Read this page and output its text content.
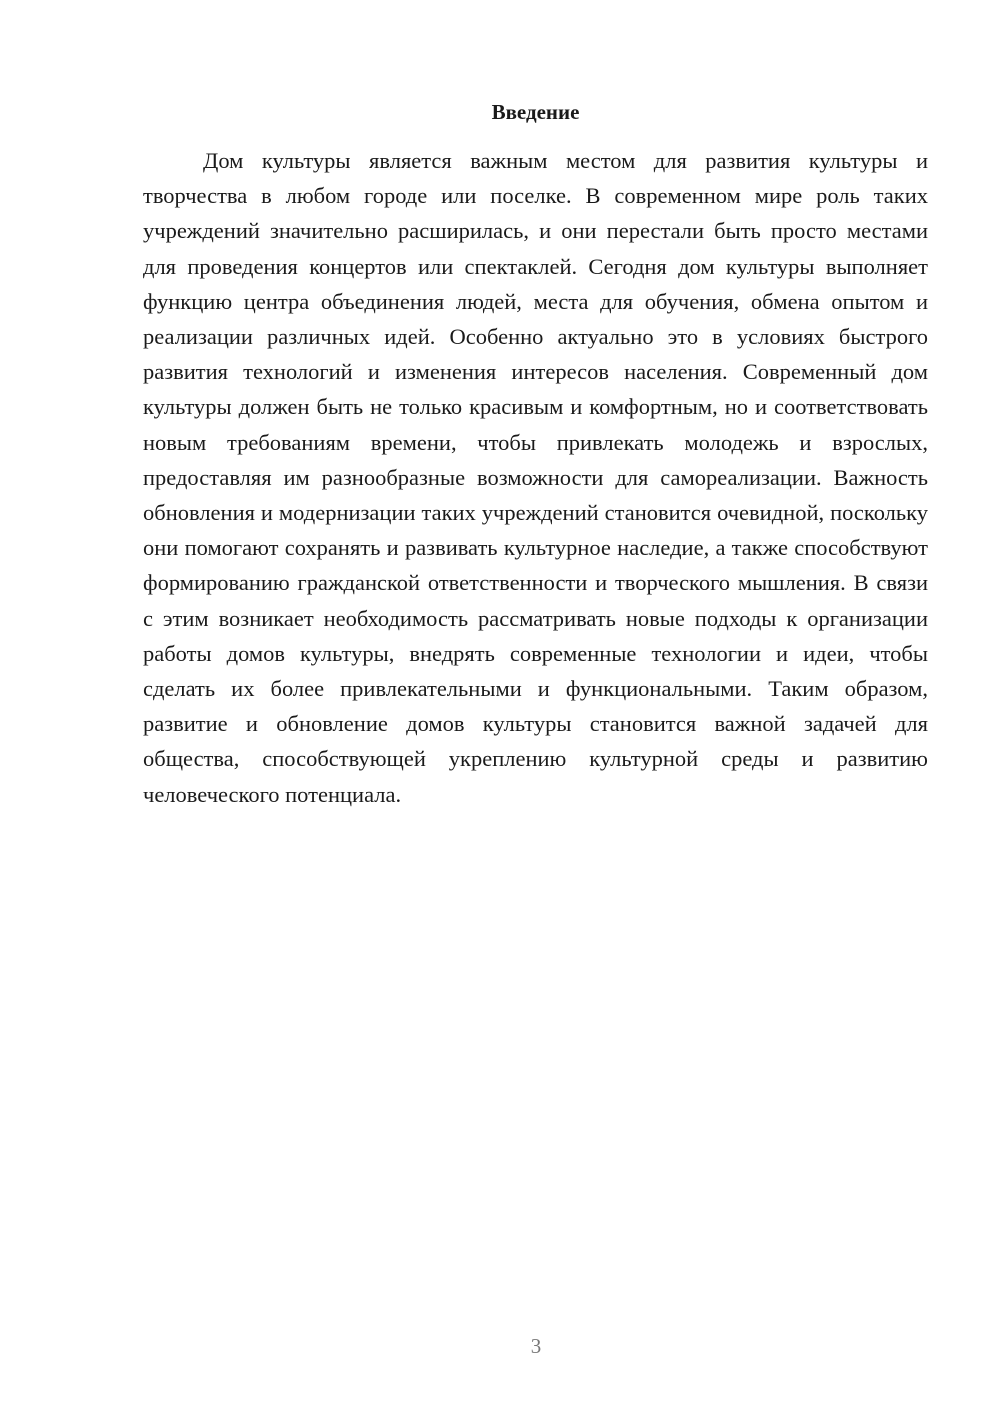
Введение

Дом культуры является важным местом для развития культуры и творчества в любом городе или поселке. В современном мире роль таких учреждений значительно расширилась, и они перестали быть просто местами для проведения концертов или спектаклей. Сегодня дом культуры выполняет функцию центра объединения людей, места для обучения, обмена опытом и реализации различных идей. Особенно актуально это в условиях быстрого развития технологий и изменения интересов населения. Современный дом культуры должен быть не только красивым и комфортным, но и соответствовать новым требованиям времени, чтобы привлекать молодежь и взрослых, предоставляя им разнообразные возможности для самореализации. Важность обновления и модернизации таких учреждений становится очевидной, поскольку они помогают сохранять и развивать культурное наследие, а также способствуют формированию гражданской ответственности и творческого мышления. В связи с этим возникает необходимость рассматривать новые подходы к организации работы домов культуры, внедрять современные технологии и идеи, чтобы сделать их более привлекательными и функциональными. Таким образом, развитие и обновление домов культуры становится важной задачей для общества, способствующей укреплению культурной среды и развитию человеческого потенциала.

3
